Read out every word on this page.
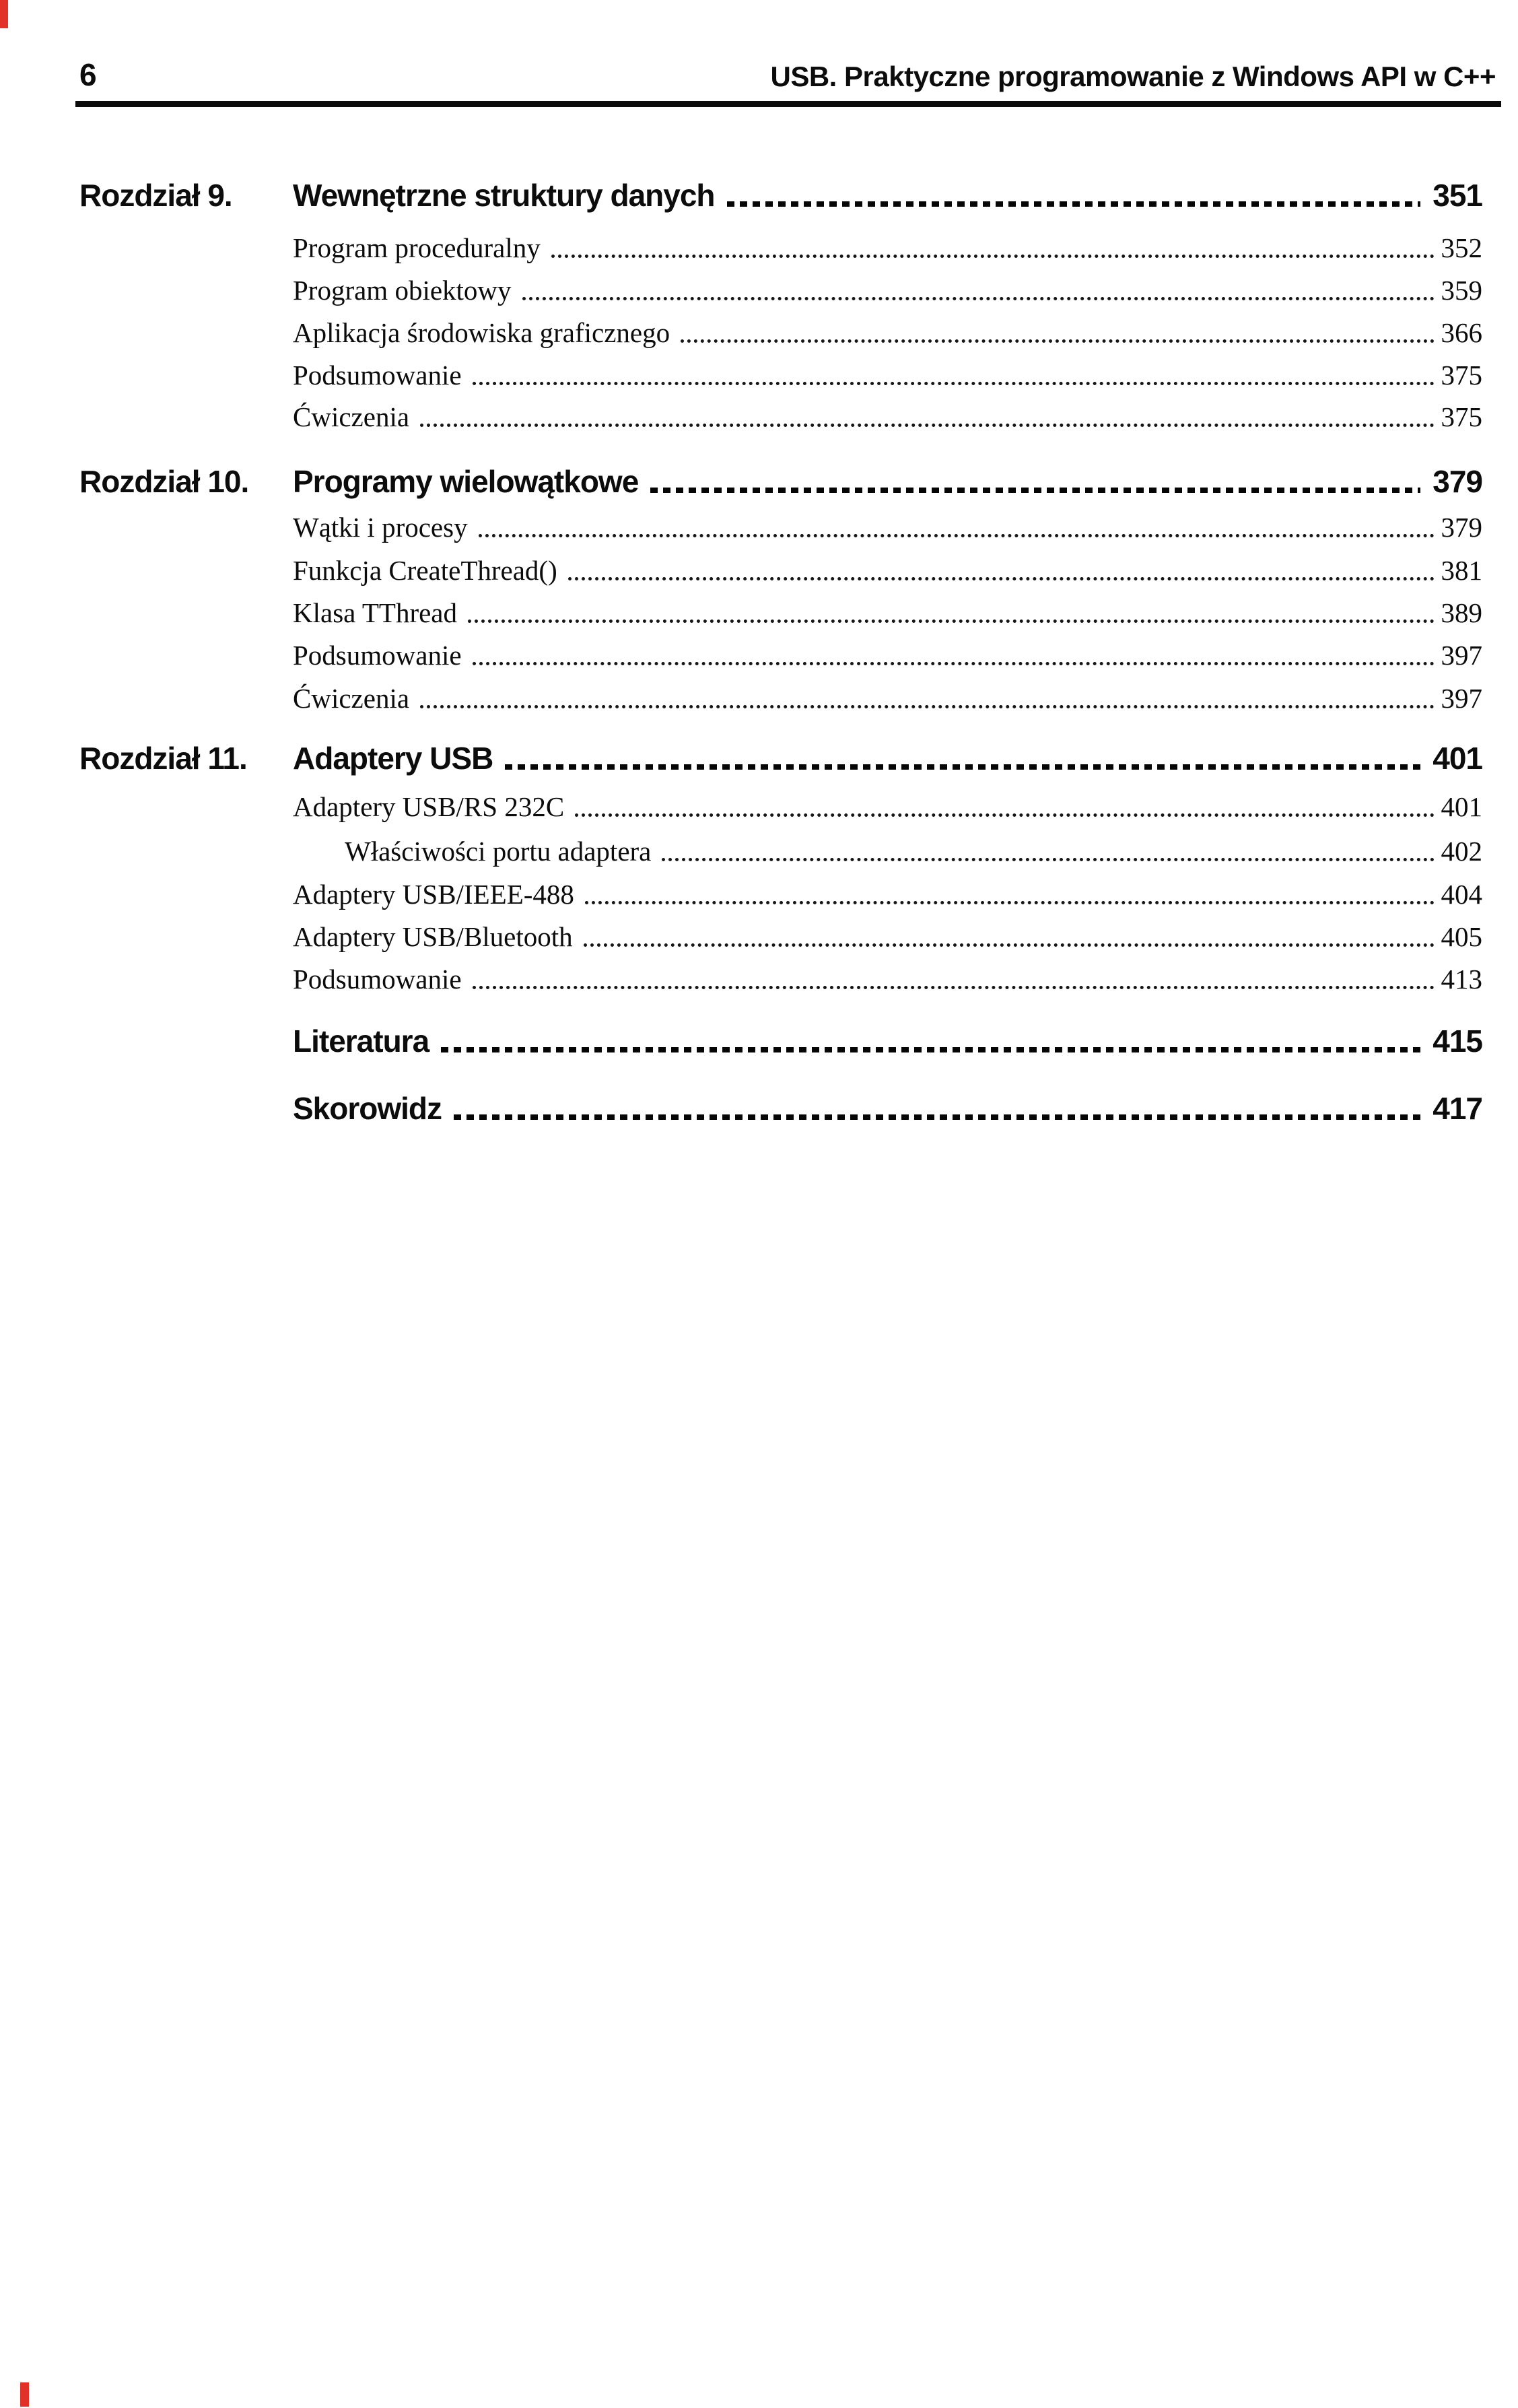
6	USB. Praktyczne programowanie z Windows API w C++
Rozdział 9.	Wewnętrzne struktury danych	351
Program proceduralny	352
Program obiektowy	359
Aplikacja środowiska graficznego	366
Podsumowanie	375
Ćwiczenia	375
Rozdział 10.	Programy wielowątkowe	379
Wątki i procesy	379
Funkcja CreateThread()	381
Klasa TThread	389
Podsumowanie	397
Ćwiczenia	397
Rozdział 11.	Adaptery USB	401
Adaptery USB/RS 232C	401
Właściwości portu adaptera	402
Adaptery USB/IEEE-488	404
Adaptery USB/Bluetooth	405
Podsumowanie	413
Literatura	415
Skorowidz	417
